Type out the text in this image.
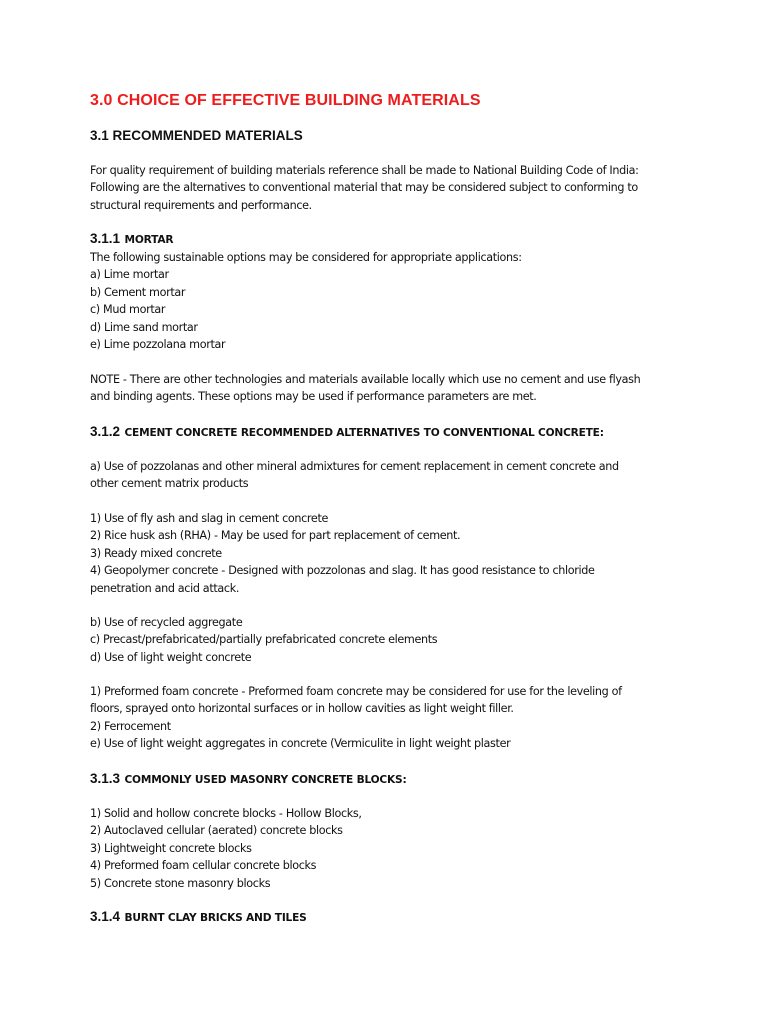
3.0 CHOICE OF EFFECTIVE BUILDING MATERIALS
3.1 RECOMMENDED MATERIALS
For quality requirement of building materials reference shall be made to National Building Code of India:
Following are the alternatives to conventional material that may be considered subject to conforming to
structural requirements and performance.
3.1.1 MORTAR
The following sustainable options may be considered for appropriate applications:
a) Lime mortar
b) Cement mortar
c) Mud mortar
d) Lime sand mortar
e) Lime pozzolana mortar
NOTE - There are other technologies and materials available locally which use no cement and use flyash
and binding agents. These options may be used if performance parameters are met.
3.1.2 CEMENT CONCRETE RECOMMENDED ALTERNATIVES TO CONVENTIONAL CONCRETE:
a) Use of pozzolanas and other mineral admixtures for cement replacement in cement concrete and
other cement matrix products
1) Use of fly ash and slag in cement concrete
2) Rice husk ash (RHA) - May be used for part replacement of cement.
3) Ready mixed concrete
4) Geopolymer concrete - Designed with pozzolonas and slag. It has good resistance to chloride
penetration and acid attack.
b) Use of recycled aggregate
c) Precast/prefabricated/partially prefabricated concrete elements
d) Use of light weight concrete
1) Preformed foam concrete - Preformed foam concrete may be considered for use for the leveling of
floors, sprayed onto horizontal surfaces or in hollow cavities as light weight filler.
2) Ferrocement
e) Use of light weight aggregates in concrete (Vermiculite in light weight plaster
3.1.3 COMMONLY USED MASONRY CONCRETE BLOCKS:
1) Solid and hollow concrete blocks - Hollow Blocks,
2) Autoclaved cellular (aerated) concrete blocks
3) Lightweight concrete blocks
4) Preformed foam cellular concrete blocks
5) Concrete stone masonry blocks
3.1.4 BURNT CLAY BRICKS AND TILES
